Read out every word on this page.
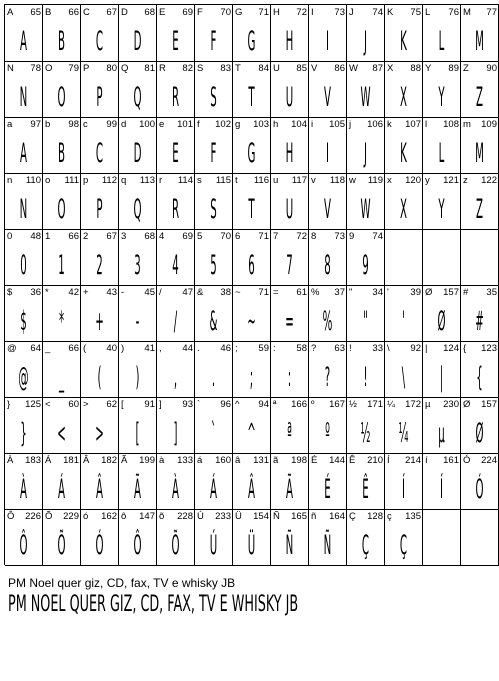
A 65
A
B 66
B
C 67
C
D 68
D
E 69
E
F 70
F
G 71
G
H 72
H
I 73
I
J 74
J
K 75
K
L 76
L
M 77
M
N 78
N
O 79
O
P 80
P
Q 81
Q
R 82
R
S 83
S
T 84
T
U 85
U
V 86
V
W 87
W
X 88
X
Y 89
Y
Z 90
Z
a 97
A
b 98
B
c 99
C
d 100
D
e 101
E
f 102
F
g 103
G
h 104
H
i 105
I
j 106
J
k 107
K
l 108
L
m 109
M
n 110
N
o 111
O
p 112
P
q 113
Q
r 114
R
s 115
S
t 116
T
u 117
U
v 118
V
w 119
W
x 120
X
y 121
Y
z 122
Z
0 48
0
1 66
1
2 67
2
3 68
3
4 69
4
5 70
5
6 71
6
7 72
7
8 73
8
9 74
9
$ 36
$
* 42
*
+ 43
+
- 45
-
/ 47
/
& 38
&
~ 71
~
= 61
=
% 37
%
" 34
"
' 39
'
Ø 157
Ø
# 35
#
@ 64
@
_ 66
_
( 40
(
) 41
)
, 44
,
. 46
.
; 59
;
: 58
:
? 63
?
! 33
!
\ 92
\
| 124
|
{ 123
{
} 125
}
< 60
<
> 62
>
[ 91
[
] 93
]
` 96
`
^ 94
^
ª 166
ª
º 167
º
½ 171
½
¼ 172
¼
µ 230
µ
Ø 157
Ø
À 183
À
Á 181
Á
Â 182
Â
Ã 199
Ã
à 133
À
á 160
Á
â 131
Â
ã 198
Ã
É 144
É
Ê 210
Ê
Í 214
Í
í 161
Í
Ó 224
Ó
Ô 226
Ô
Õ 229
Õ
ó 162
Ó
ô 147
Ô
õ 228
Õ
Ú 233
Ú
Ü 154
Ü
Ñ 165
Ñ
ñ 164
Ñ
Ç 128
Ç
ç 135
Ç
PM Noel quer giz, CD, fax, TV e whisky JB
PM NOEL QUER GIZ, CD, FAX, TV E WHISKY JB
